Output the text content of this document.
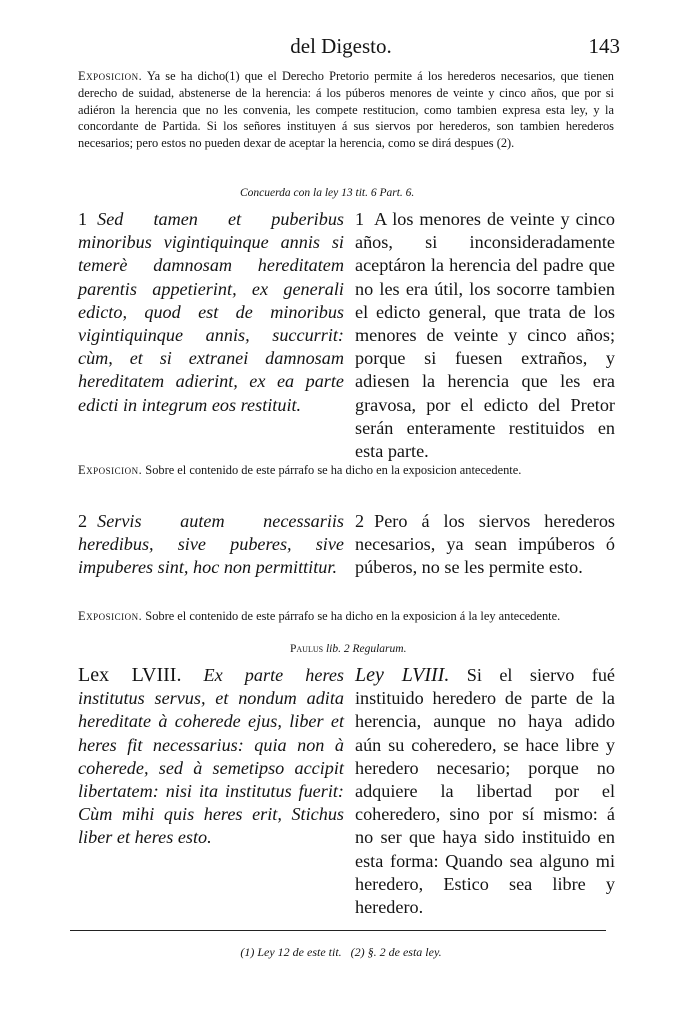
del Digesto.	143
Exposicion. Ya se ha dicho(1) que el Derecho Pretorio permite á los herederos necesarios, que tienen derecho de suidad, abstenerse de la herencia: á los púberos menores de veinte y cinco años, que por si adiéron la herencia que no les convenia, les compete restitucion, como tambien expresa esta ley, y la concordante de Partida. Si los señores instituyen á sus siervos por herederos, son tambien herederos necesarios; pero estos no pueden dexar de aceptar la herencia, como se dirá despues (2).
Concuerda con la ley 13 tit. 6 Part. 6.
1 Sed tamen et puberibus minoribus vigintiquinque annis si temerè damnosam hereditatem parentis appetierint, ex generali edicto, quod est de minoribus vigintiquinque annis, succurrit: cùm, et si extranei damnosam hereditatem adierint, ex ea parte edicti in integrum eos restituit.
1 A los menores de veinte y cinco años, si inconsideradamente aceptáron la herencia del padre que no les era útil, los socorre tambien el edicto general, que trata de los menores de veinte y cinco años; porque si fuesen extraños, y adiesen la herencia que les era gravosa, por el edicto del Pretor serán enteramente restituidos en esta parte.
Exposicion. Sobre el contenido de este párrafo se ha dicho en la exposicion antecedente.
2 Servis autem necessariis heredibus, sive puberes, sive impuberes sint, hoc non permittitur.
2 Pero á los siervos herederos necesarios, ya sean impúberos ó púberos, no se les permite esto.
Exposicion. Sobre el contenido de este párrafo se ha dicho en la exposicion á la ley antecedente.
Paulus lib. 2 Regularum.
Lex LVIII. Ex parte heres institutus servus, et nondum adita hereditate à coherede ejus, liber et heres fit necessarius: quia non à coherede, sed à semetipso accipit libertatem: nisi ita institutus fuerit: Cùm mihi quis heres erit, Stichus liber et heres esto.
Ley LVIII. Si el siervo fué instituido heredero de parte de la herencia, aunque no haya adido aún su coheredero, se hace libre y heredero necesario; porque no adquiere la libertad por el coheredero, sino por sí mismo: á no ser que haya sido instituido en esta forma: Quando sea alguno mi heredero, Estico sea libre y heredero.
(1) Ley 12 de este tit. (2) §. 2 de esta ley.
